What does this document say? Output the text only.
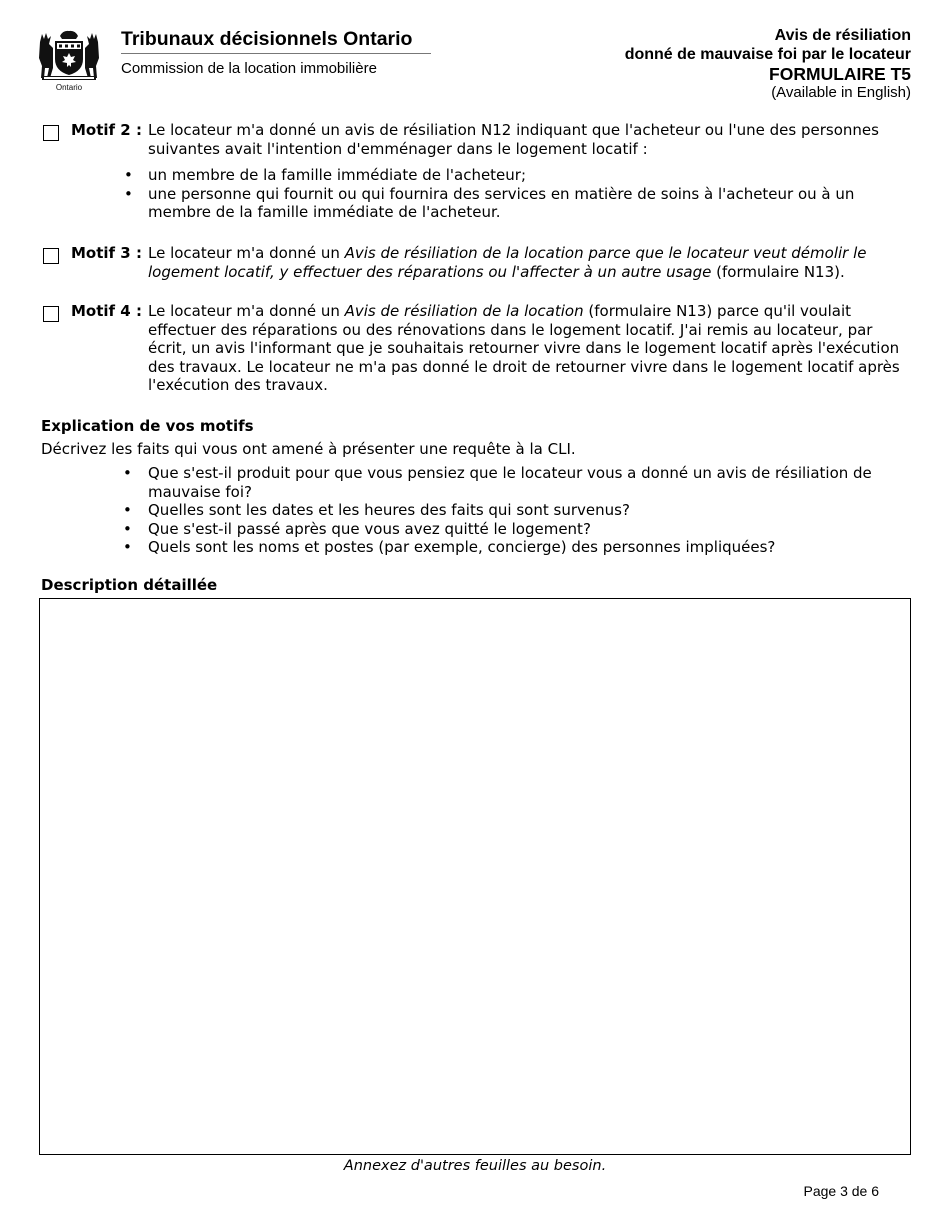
Ontario
Tribunaux décisionnels Ontario
Commission de la location immobilière
Avis de résiliation
donné de mauvaise foi par le locateur
FORMULAIRE T5
(Available in English)
Motif 2 : Le locateur m'a donné un avis de résiliation N12 indiquant que l'acheteur ou l'une des personnes suivantes avait l'intention d'emménager dans le logement locatif :
• un membre de la famille immédiate de l'acheteur;
• une personne qui fournit ou qui fournira des services en matière de soins à l'acheteur ou à un membre de la famille immédiate de l'acheteur.
Motif 3 : Le locateur m'a donné un Avis de résiliation de la location parce que le locateur veut démolir le logement locatif, y effectuer des réparations ou l'affecter à un autre usage (formulaire N13).
Motif 4 : Le locateur m'a donné un Avis de résiliation de la location (formulaire N13) parce qu'il voulait effectuer des réparations ou des rénovations dans le logement locatif. J'ai remis au locateur, par écrit, un avis l'informant que je souhaitais retourner vivre dans le logement locatif après l'exécution des travaux. Le locateur ne m'a pas donné le droit de retourner vivre dans le logement locatif après l'exécution des travaux.
Explication de vos motifs
Décrivez les faits qui vous ont amené à présenter une requête à la CLI.
• Que s'est-il produit pour que vous pensiez que le locateur vous a donné un avis de résiliation de mauvaise foi?
• Quelles sont les dates et les heures des faits qui sont survenus?
• Que s'est-il passé après que vous avez quitté le logement?
• Quels sont les noms et postes (par exemple, concierge) des personnes impliquées?
Description détaillée
Annexez d'autres feuilles au besoin.
Page 3 de 6
